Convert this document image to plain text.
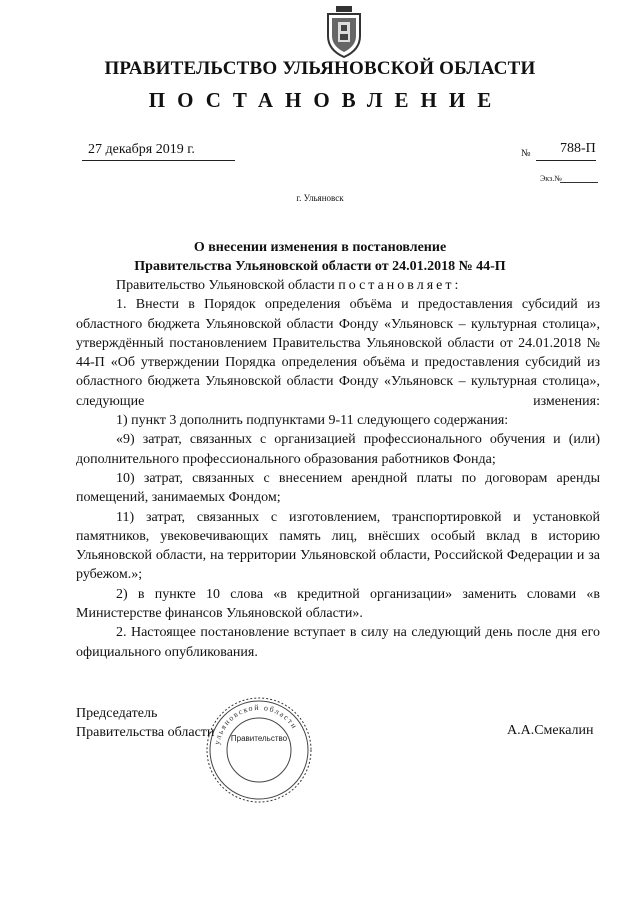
ПРАВИТЕЛЬСТВО УЛЬЯНОВСКОЙ ОБЛАСТИ
ПОСТАНОВЛЕНИЕ
27 декабря 2019 г.	№ 788-П
Экз.№
г. Ульяновск
О внесении изменения в постановление
Правительства Ульяновской области от 24.01.2018 № 44-П

Правительство Ульяновской области постановляет:

1. Внести в Порядок определения объёма и предоставления субсидий из областного бюджета Ульяновской области Фонду «Ульяновск – культурная столица», утверждённый постановлением Правительства Ульяновской области от 24.01.2018 № 44-П «Об утверждении Порядка определения объёма и предоставления субсидий из областного бюджета Ульяновской области Фонду «Ульяновск – культурная столица», следующие изменения:

1) пункт 3 дополнить подпунктами 9-11 следующего содержания:

«9) затрат, связанных с организацией профессионального обучения и (или) дополнительного профессионального образования работников Фонда;

10) затрат, связанных с внесением арендной платы по договорам аренды помещений, занимаемых Фондом;

11) затрат, связанных с изготовлением, транспортировкой и установкой памятников, увековечивающих память лиц, внёсших особый вклад в историю Ульяновской области, на территории Ульяновской области, Российской Федерации и за рубежом.»;

2) в пункте 10 слова «в кредитной организации» заменить словами «в Министерстве финансов Ульяновской области».

2. Настоящее постановление вступает в силу на следующий день после дня его официального опубликования.

ульяновской области
Правительство
Председатель
Правительства области	А.А.Смекалин
